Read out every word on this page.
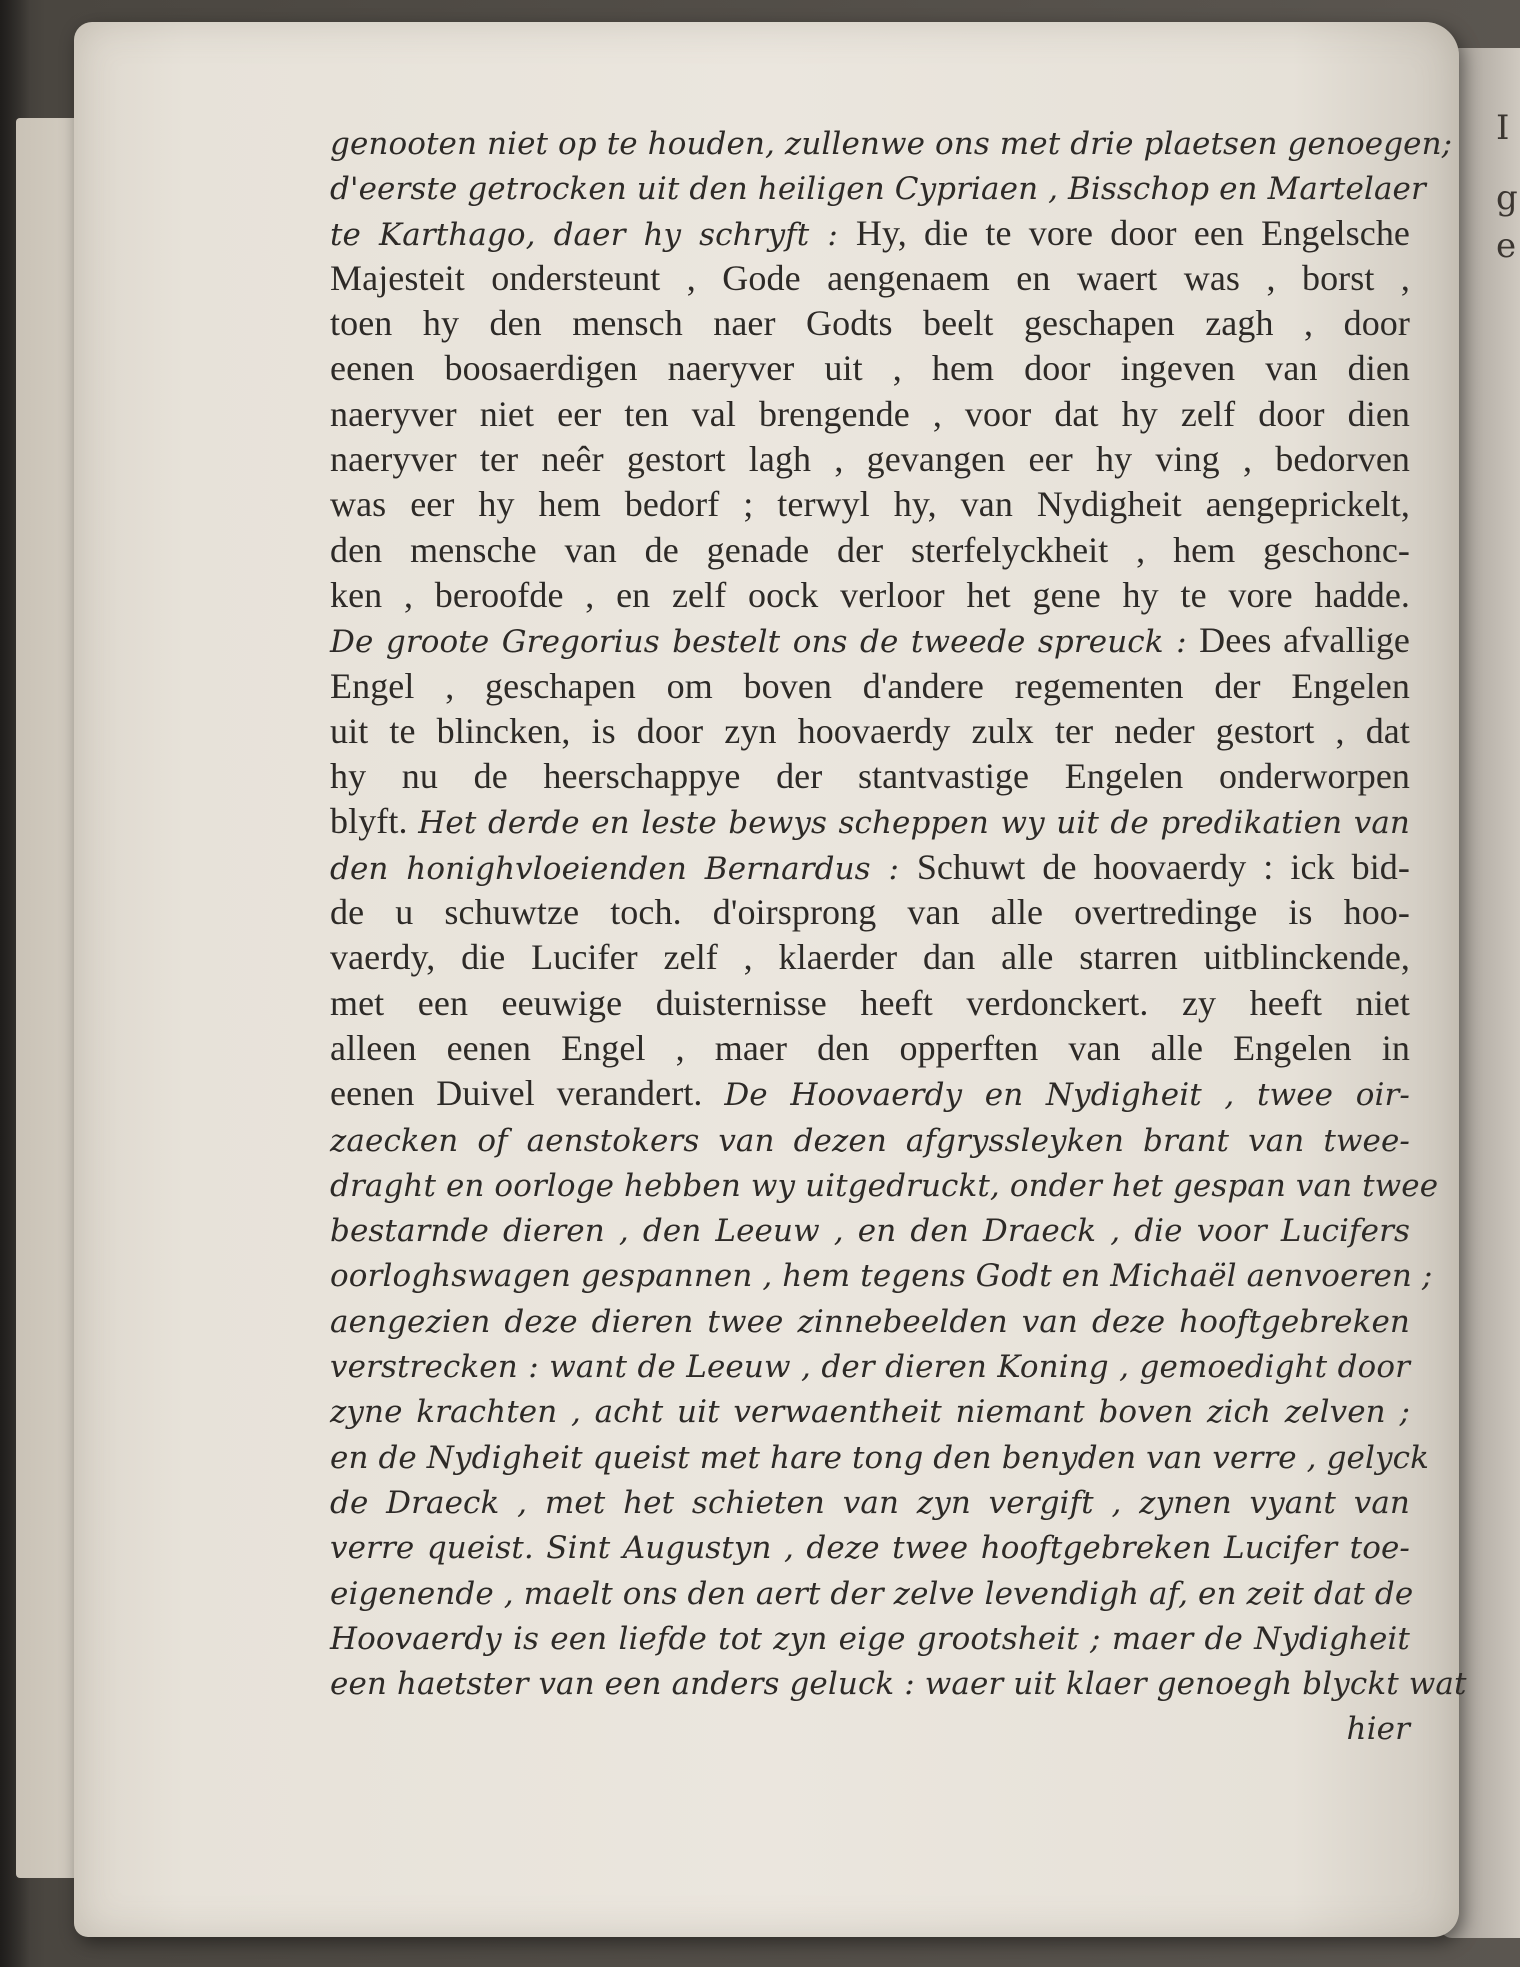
I
g
e
genooten niet op te houden, zullenwe ons met drie plaetsen genoegen;
d'eerste getrocken uit den heiligen Cypriaen , Bisschop en Martelaer
te Karthago, daer hy schryft : Hy, die te vore door een Engelsche
Majesteit ondersteunt , Gode aengenaem en waert was , borst ,
toen hy den mensch naer Godts beelt geschapen zagh , door
eenen boosaerdigen naeryver uit , hem door ingeven van dien
naeryver niet eer ten val brengende , voor dat hy zelf door dien
naeryver ter neêr gestort lagh , gevangen eer hy ving , bedorven
was eer hy hem bedorf ; terwyl hy, van Nydigheit aengeprickelt,
den mensche van de genade der sterfelyckheit , hem geschonc-
ken , beroofde , en zelf oock verloor het gene hy te vore hadde.
De groote Gregorius bestelt ons de tweede spreuck : Dees afvallige
Engel , geschapen om boven d'andere regementen der Engelen
uit te blincken, is door zyn hoovaerdy zulx ter neder gestort , dat
hy nu de heerschappye der stantvastige Engelen onderworpen
blyft. Het derde en leste bewys scheppen wy uit de predikatien van
den honighvloeienden Bernardus : Schuwt de hoovaerdy : ick bid-
de u schuwtze toch. d'oirsprong van alle overtredinge is hoo-
vaerdy, die Lucifer zelf , klaerder dan alle starren uitblinckende,
met een eeuwige duisternisse heeft verdonckert. zy heeft niet
alleen eenen Engel , maer den opperften van alle Engelen in
eenen Duivel verandert. De Hoovaerdy en Nydigheit , twee oir-
zaecken of aenstokers van dezen afgryssleyken brant van twee-
draght en oorloge hebben wy uitgedruckt, onder het gespan van twee
bestarnde dieren , den Leeuw , en den Draeck , die voor Lucifers
oorloghswagen gespannen , hem tegens Godt en Michaël aenvoeren ;
aengezien deze dieren twee zinnebeelden van deze hooftgebreken
verstrecken : want de Leeuw , der dieren Koning , gemoedight door
zyne krachten , acht uit verwaentheit niemant boven zich zelven ;
en de Nydigheit queist met hare tong den benyden van verre , gelyck
de Draeck , met het schieten van zyn vergift , zynen vyant van
verre queist. Sint Augustyn , deze twee hooftgebreken Lucifer toe-
eigenende , maelt ons den aert der zelve levendigh af, en zeit dat de
Hoovaerdy is een liefde tot zyn eige grootsheit ; maer de Nydigheit
een haetster van een anders geluck : waer uit klaer genoegh blyckt wat
hier
